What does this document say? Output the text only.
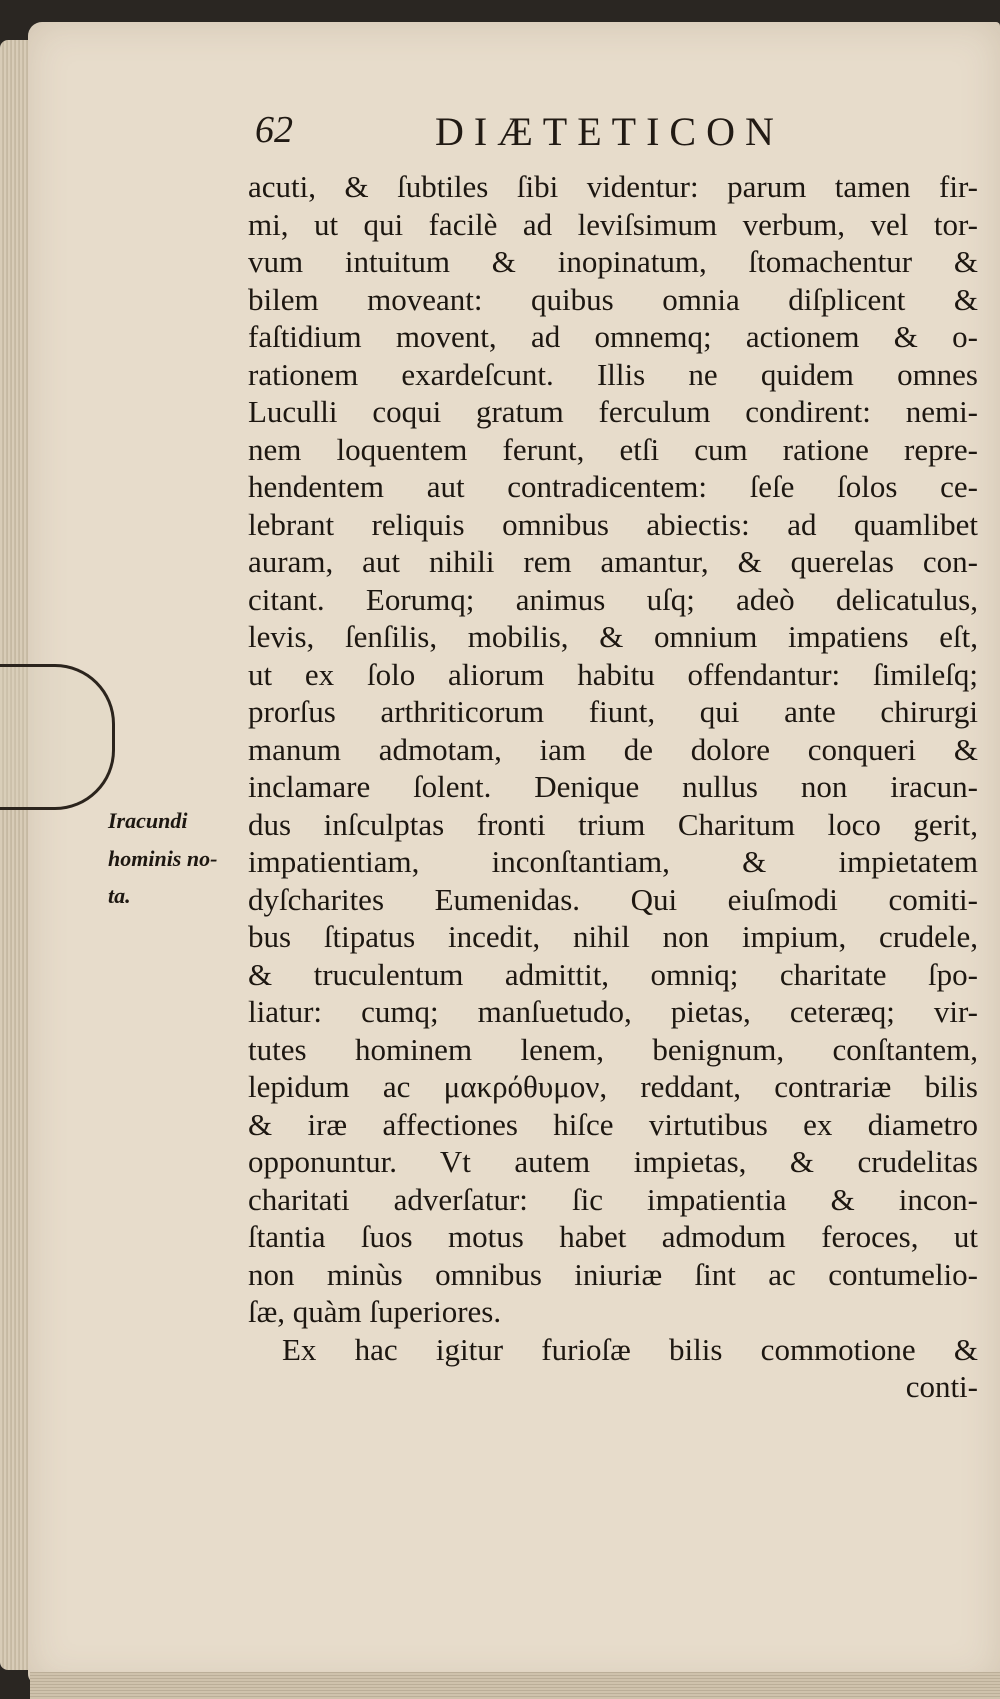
62	DIÆTETICON
Iracundi
hominis no-
ta.
acuti, & ſubtiles ſibi videntur: parum tamen fir-
mi, ut qui facilè ad leviſsimum verbum, vel tor-
vum intuitum & inopinatum, ſtomachentur &
bilem moveant: quibus omnia diſplicent &
faſtidium movent, ad omnemq; actionem & o-
rationem exardeſcunt. Illis ne quidem omnes
Luculli coqui gratum ferculum condirent: nemi-
nem loquentem ferunt, etſi cum ratione repre-
hendentem aut contradicentem: ſeſe ſolos ce-
lebrant reliquis omnibus abiectis: ad quamlibet
auram, aut nihili rem amantur, & querelas con-
citant. Eorumq; animus uſq; adeò delicatulus,
levis, ſenſilis, mobilis, & omnium impatiens eſt,
ut ex ſolo aliorum habitu offendantur: ſimileſq;
prorſus arthriticorum fiunt, qui ante chirurgi
manum admotam, iam de dolore conqueri &
inclamare ſolent. Denique nullus non iracun-
dus inſculptas fronti trium Charitum loco gerit,
impatientiam, inconſtantiam, & impietatem
dyſcharites Eumenidas. Qui eiuſmodi comiti-
bus ſtipatus incedit, nihil non impium, crudele,
& truculentum admittit, omniq; charitate ſpo-
liatur: cumq; manſuetudo, pietas, ceteræq; vir-
tutes hominem lenem, benignum, conſtantem,
lepidum ac μακρόθυμον, reddant, contrariæ bilis
& iræ affectiones hiſce virtutibus ex diametro
opponuntur. Vt autem impietas, & crudelitas
charitati adverſatur: ſic impatientia & incon-
ſtantia ſuos motus habet admodum feroces, ut
non minùs omnibus iniuriæ ſint ac contumelio-
ſæ, quàm ſuperiores.
Ex hac igitur furioſæ bilis commotione &
conti-
